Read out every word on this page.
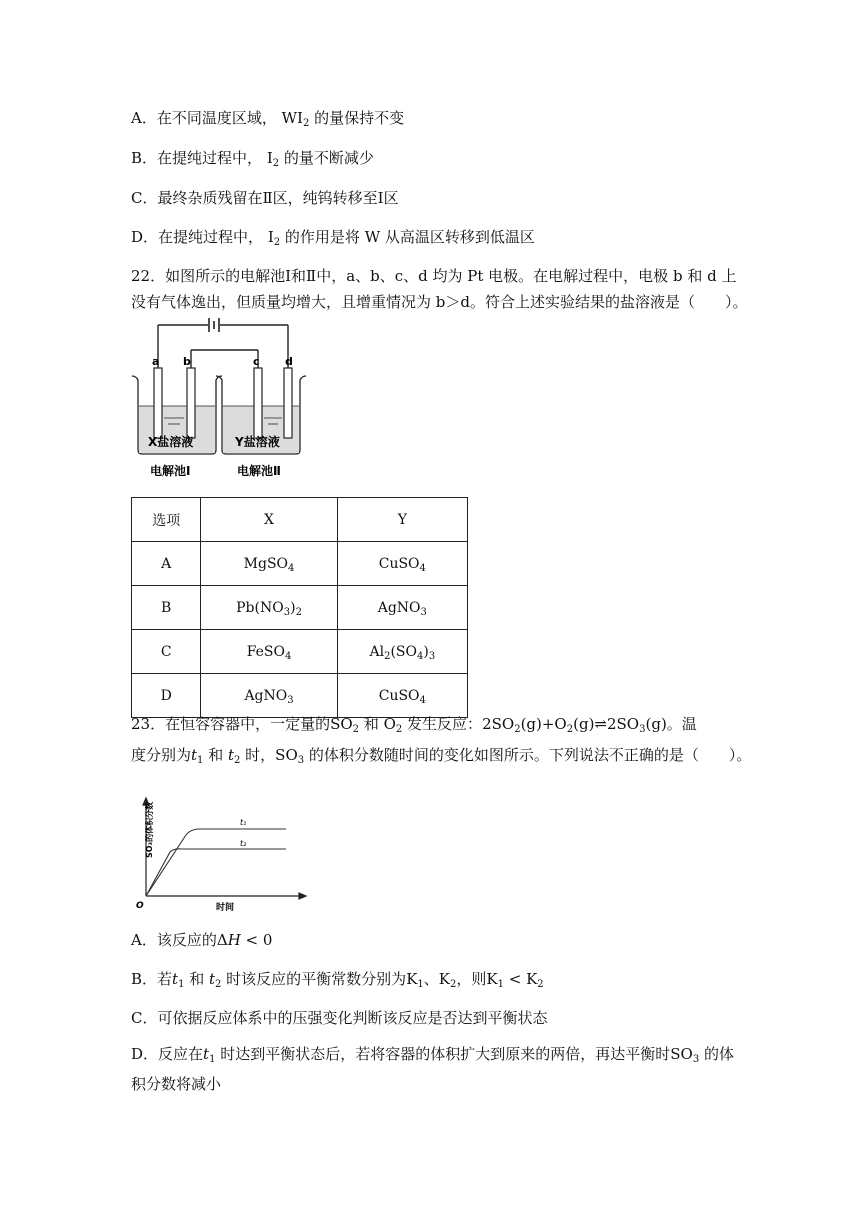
A．在不同温度区域， $WI_2$ 的量保持不变
B．在提纯过程中， $I_2$ 的量不断减少
C．最终杂质残留在Ⅱ区，纯钨转移至Ⅰ区
D．在提纯过程中， $I_2$ 的作用是将 W 从高温区转移到低温区
22．如图所示的电解池Ⅰ和Ⅱ中，a、b、c、d 均为 Pt 电极。在电解过程中，电极 b 和 d 上
没有气体逸出，但质量均增大，且增重情况为 b＞d。符合上述实验结果的盐溶液是（　　）。
a b	c d
X盐溶液	Y盐溶液
电解池Ⅰ	电解池Ⅱ
选项	X	Y
A	MgSO$_4$	CuSO$_4$
B	$Pb(NO_3)_2$	AgNO$_3$
C	FeSO$_4$	$Al_2(SO_4)_3$
D	AgNO$_3$	CuSO$_4$
23．在恒容容器中，一定量的$SO_2$ 和 $O_2$ 发生反应：$2SO_2(g)+O_2(g)\rightleftharpoons 2SO_3(g)$。温
度分别为$t_1$ 和 $t_2$ 时，$SO_3$ 的体积分数随时间的变化如图所示。下列说法不正确的是（　　）。
t₁
t₂
SO₃的体积分数
时间
O
A．该反应的ΔH < 0
B．若$t_1$ 和 $t_2$ 时该反应的平衡常数分别为$K_1$、$K_2$，则$K_1 < K_2$
C．可依据反应体系中的压强变化判断该反应是否达到平衡状态
D．反应在$t_1$ 时达到平衡状态后，若将容器的体积扩大到原来的两倍，再达平衡时$SO_3$ 的体
积分数将减小
